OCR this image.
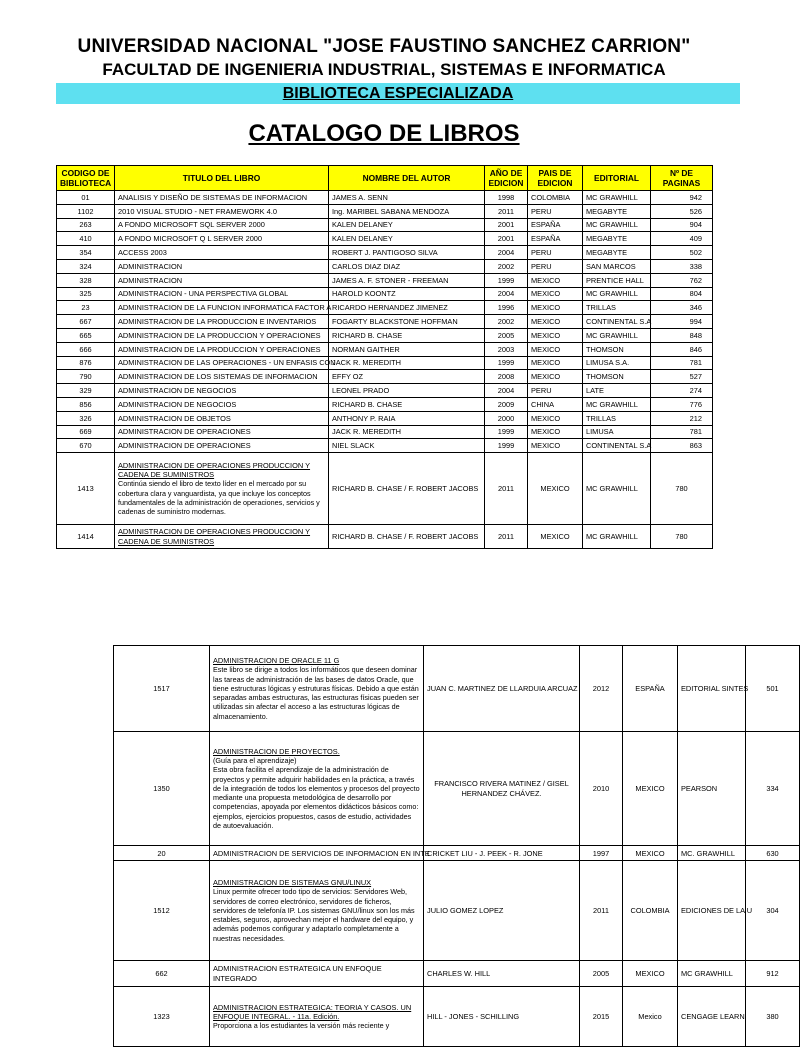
UNIVERSIDAD NACIONAL "JOSE FAUSTINO SANCHEZ CARRION"
FACULTAD DE INGENIERIA INDUSTRIAL, SISTEMAS E INFORMATICA
BIBLIOTECA ESPECIALIZADA
CATALOGO DE LIBROS
CODIGO DE BIBLIOTECA	TITULO DEL LIBRO	NOMBRE DEL AUTOR	AÑO DE EDICION	PAIS DE EDICION	EDITORIAL	Nº DE PAGINAS
01	ANALISIS Y DISEÑO DE SISTEMAS DE INFORMACION	JAMES A. SENN	1998	COLOMBIA	MC GRAWHILL	942
1102	2010 VISUAL STUDIO - NET FRAMEWORK 4.0	Ing. MARIBEL SABANA MENDOZA	2011	PERU	MEGABYTE	526
263	A FONDO MICROSOFT SQL SERVER 2000	KALEN DELANEY	2001	ESPAÑA	MC GRAWHILL	904
410	A FONDO MICROSOFT Q L SERVER 2000	KALEN DELANEY	2001	ESPAÑA	MEGABYTE	409
354	ACCESS 2003	ROBERT J. PANTIGOSO SILVA	2004	PERU	MEGABYTE	502
324	ADMINISTRACION	CARLOS DIAZ DIAZ	2002	PERU	SAN MARCOS	338
328	ADMINISTRACION	JAMES A. F. STONER - FREEMAN	1999	MEXICO	PRENTICE HALL	762
325	ADMINISTRACION - UNA PERSPECTIVA GLOBAL	HAROLD KOONTZ	2004	MEXICO	MC GRAWHILL	804
23	ADMINISTRACION DE LA FUNCION INFORMATICA FACTOR A	RICARDO HERNANDEZ JIMENEZ	1996	MEXICO	TRILLAS	346
667	ADMINISTRACION DE LA PRODUCCION E INVENTARIOS	FOGARTY BLACKSTONE HOFFMAN	2002	MEXICO	CONTINENTAL S.A	994
665	ADMINISTRACION DE LA PRODUCCION Y OPERACIONES	RICHARD B. CHASE	2005	MEXICO	MC GRAWHILL	848
666	ADMINISTRACION DE LA PRODUCCION Y OPERACIONES	NORMAN GAITHER	2003	MEXICO	THOMSON	846
876	ADMINISTRACION DE LAS OPERACIONES - UN ENFASIS CON	JACK R. MEREDITH	1999	MEXICO	LIMUSA S.A.	781
790	ADMINISTRACION DE LOS SISTEMAS DE INFORMACION	EFFY OZ	2008	MEXICO	THOMSON	527
329	ADMINISTRACION DE NEGOCIOS	LEONEL PRADO	2004	PERU	LATE	274
856	ADMINISTRACION DE NEGOCIOS	RICHARD B. CHASE	2009	CHINA	MC GRAWHILL	776
326	ADMINISTRACION DE OBJETOS	ANTHONY P. RAIA	2000	MEXICO	TRILLAS	212
669	ADMINISTRACION DE OPERACIONES	JACK R. MEREDITH	1999	MEXICO	LIMUSA	781
670	ADMINISTRACION DE OPERACIONES	NIEL SLACK	1999	MEXICO	CONTINENTAL S.A	863
1413	ADMINISTRACION DE OPERACIONES PRODUCCION Y CADENA DE SUMINISTROS
Continúa siendo el libro de texto líder en el mercado por su cobertura clara y vanguardista, ya que incluye los conceptos fundamentales de la administración de operaciones, servicios y cadenas de suministro modernas.	RICHARD B. CHASE / F. ROBERT JACOBS	2011	MEXICO	MC GRAWHILL	780
1414	ADMINISTRACION DE OPERACIONES PRODUCCION Y CADENA DE SUMINISTROS	RICHARD B. CHASE / F. ROBERT JACOBS	2011	MEXICO	MC GRAWHILL	780
1517	ADMINISTRACION DE ORACLE 11 G
Este libro se dirige a todos los informáticos que deseen dominar las tareas de administración de las bases de datos Oracle, que tiene estructuras lógicas y estruturas físicas. Debido a que están separadas ambas estructuras, las estructuras físicas pueden ser utilizadas sin afectar el acceso a las estructuras lógicas de almacenamiento.	JUAN C. MARTINEZ DE LLARDUIA ARCUAZ	2012	ESPAÑA	EDITORIAL SINTES	501
1350	ADMINISTRACION DE PROYECTOS.
(Guía para el aprendizaje)
Esta obra facilita el aprendizaje de la administración de proyectos y permite adquirir habilidades en la práctica, a través de la integración de todos los elementos y procesos del proyecto mediante una propuesta metodológica de desarrollo por competencias, apoyada por elementos didácticos básicos como: ejemplos, ejercicios propuestos, casos de estudio, actividades de autoevaluación.	FRANCISCO RIVERA MATINEZ / GISEL HERNANDEZ CHÁVEZ.	2010	MEXICO	PEARSON	334
20	ADMINISTRACION DE SERVICIOS DE INFORMACION EN INTE	CRICKET LIU - J. PEEK - R. JONE	1997	MEXICO	MC. GRAWHILL	630
1512	ADMINISTRACION DE SISTEMAS GNU/LINUX
Linux permite ofrecer todo tipo de servicios: Servidores Web, servidores de correo electrónico, servidores de ficheros, servidores de telefonía IP. Los sistemas GNU/linux son los más estables, seguros, aprovechan mejor el hardware del equipo, y además podemos configurar y adaptarlo completamente a nuestras necesidades.	JULIO GOMEZ LOPEZ	2011	COLOMBIA	EDICIONES DE LA U	304
662	ADMINISTRACION ESTRATEGICA UN ENFOQUE INTEGRADO	CHARLES W. HILL	2005	MEXICO	MC GRAWHILL	912
1323	ADMINISTRACION ESTRATEGICA: TEORIA Y CASOS. UN ENFOQUE INTEGRAL. - 11a. Edición.
Proporciona a los estudiantes la versión más reciente y	HILL - JONES - SCHILLING	2015	Mexico	CENGAGE LEARN	380
